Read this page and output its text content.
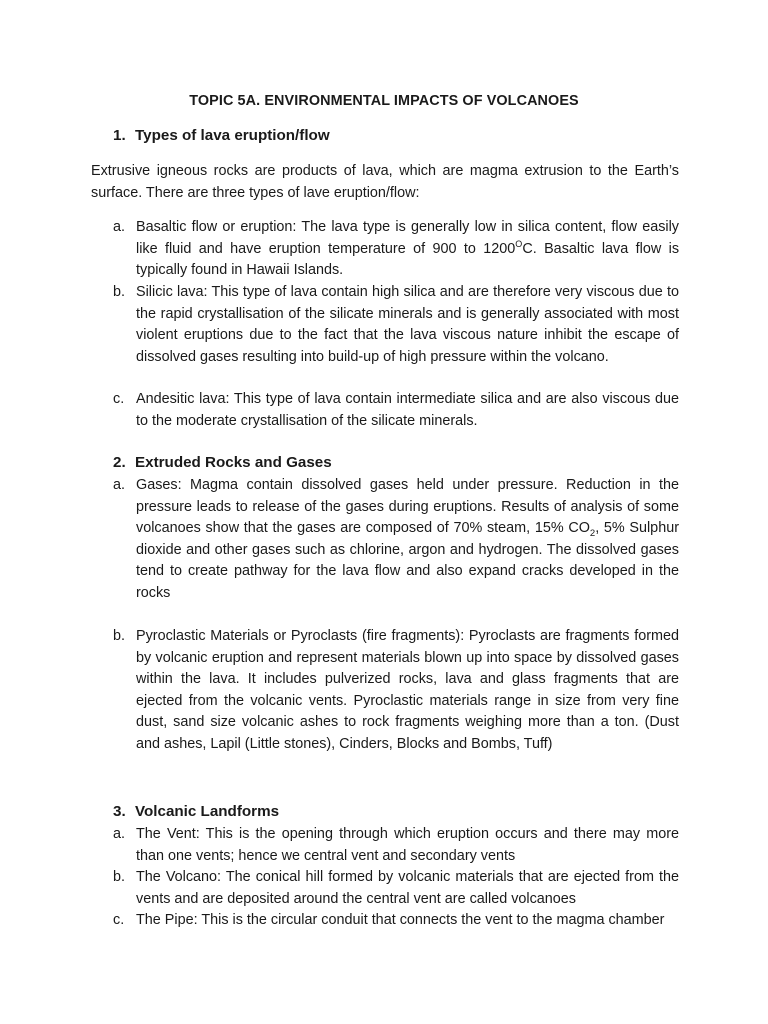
TOPIC 5A. ENVIRONMENTAL IMPACTS OF VOLCANOES
1. Types of lava eruption/flow
Extrusive igneous rocks are products of lava, which are magma extrusion to the Earth’s surface. There are three types of lave eruption/flow:
a. Basaltic flow or eruption: The lava type is generally low in silica content, flow easily like fluid and have eruption temperature of 900 to $1200^OC$. Basaltic lava flow is typically found in Hawaii Islands.
b. Silicic lava: This type of lava contain high silica and are therefore very viscous due to the rapid crystallisation of the silicate minerals and is generally associated with most violent eruptions due to the fact that the lava viscous nature inhibit the escape of dissolved gases resulting into build-up of high pressure within the volcano.
c. Andesitic lava: This type of lava contain intermediate silica and are also viscous due to the moderate crystallisation of the silicate minerals.
2. Extruded Rocks and Gases
a. Gases: Magma contain dissolved gases held under pressure. Reduction in the pressure leads to release of the gases during eruptions. Results of analysis of some volcanoes show that the gases are composed of 70% steam, 15% $CO_2$, 5% Sulphur dioxide and other gases such as chlorine, argon and hydrogen. The dissolved gases tend to create pathway for the lava flow and also expand cracks developed in the rocks
b. Pyroclastic Materials or Pyroclasts (fire fragments): Pyroclasts are fragments formed by volcanic eruption and represent materials blown up into space by dissolved gases within the lava. It includes pulverized rocks, lava and glass fragments that are ejected from the volcanic vents. Pyroclastic materials range in size from very fine dust, sand size volcanic ashes to rock fragments weighing more than a ton. (Dust and ashes, Lapil (Little stones), Cinders, Blocks and Bombs, Tuff)
3. Volcanic Landforms
a. The Vent: This is the opening through which eruption occurs and there may more than one vents; hence we central vent and secondary vents
b. The Volcano: The conical hill formed by volcanic materials that are ejected from the vents and are deposited around the central vent are called volcanoes
c. The Pipe: This is the circular conduit that connects the vent to the magma chamber
